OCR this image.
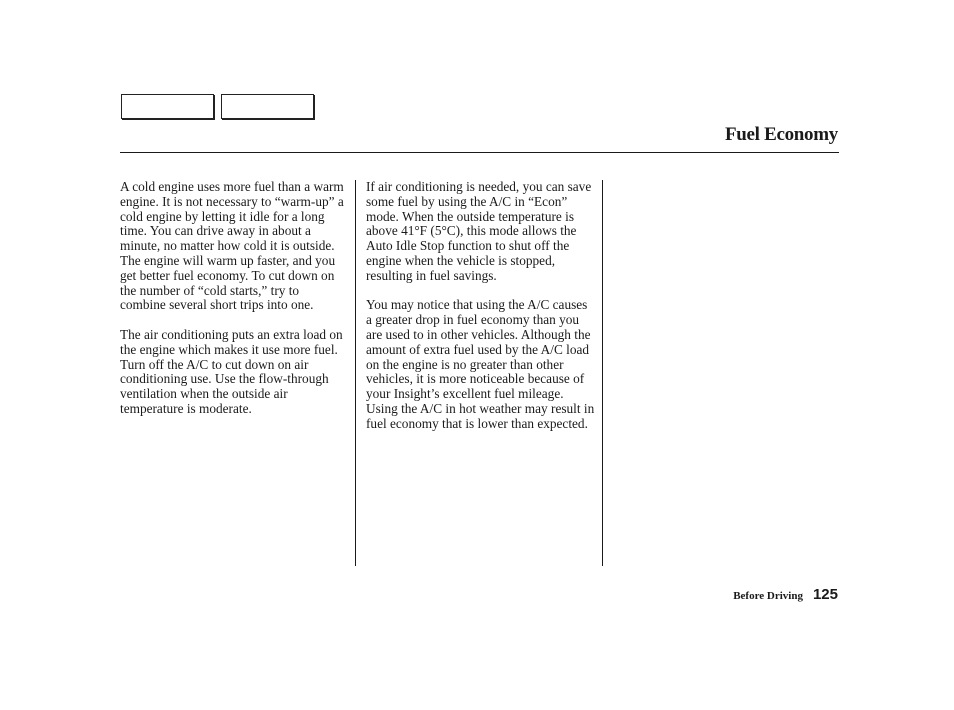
Fuel Economy

A cold engine uses more fuel than a warm engine. It is not necessary to “warm-up” a cold engine by letting it idle for a long time. You can drive away in about a minute, no matter how cold it is outside. The engine will warm up faster, and you get better fuel economy. To cut down on the number of “cold starts,” try to combine several short trips into one.

The air conditioning puts an extra load on the engine which makes it use more fuel. Turn off the A/C to cut down on air conditioning use. Use the flow-through ventilation when the outside air temperature is moderate.

If air conditioning is needed, you can save some fuel by using the A/C in “Econ” mode. When the outside temperature is above 41°F (5°C), this mode allows the Auto Idle Stop function to shut off the engine when the vehicle is stopped, resulting in fuel savings.

You may notice that using the A/C causes a greater drop in fuel economy than you are used to in other vehicles. Although the amount of extra fuel used by the A/C load on the engine is no greater than other vehicles, it is more noticeable because of your Insight’s excellent fuel mileage. Using the A/C in hot weather may result in fuel economy that is lower than expected.

Before Driving 125
